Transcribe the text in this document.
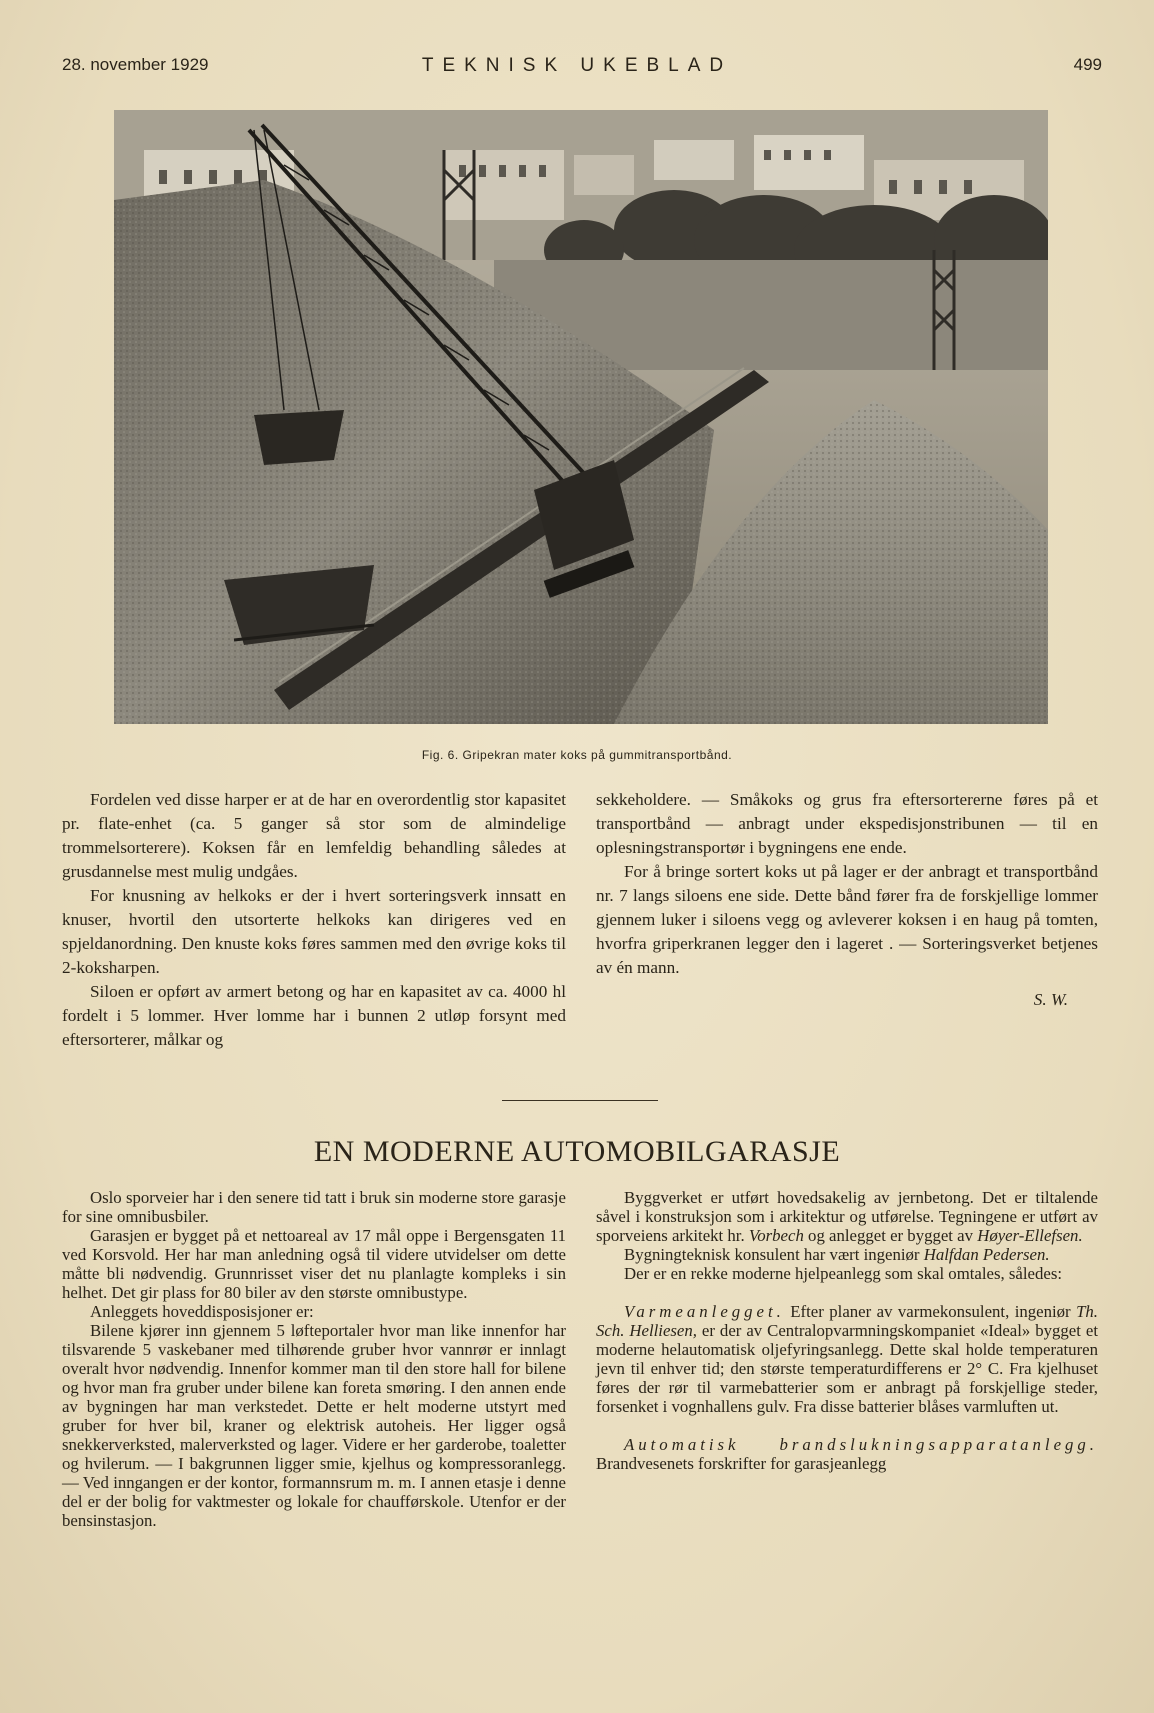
28. november 1929	TEKNISK UKEBLAD	499
Fig. 6. Gripekran mater koks på gummitransportbånd.

Fordelen ved disse harper er at de har en overordentlig stor kapasitet pr. flate-enhet (ca. 5 ganger så stor som de almindelige trommelsorterere). Koksen får en lemfeldig behandling således at grusdannelse mest mulig undgåes.

For knusning av helkoks er der i hvert sorteringsverk innsatt en knuser, hvortil den utsorterte helkoks kan dirigeres ved en spjeldanordning. Den knuste koks føres sammen med den øvrige koks til 2-koksharpen.

Siloen er opført av armert betong og har en kapasitet av ca. 4000 hl fordelt i 5 lommer. Hver lomme har i bunnen 2 utløp forsynt med eftersorterer, målkar og

sekkeholdere. — Småkoks og grus fra eftersortererne føres på et transportbånd — anbragt under ekspedisjonstribunen — til en oplesningstransportør i bygningens ene ende.

For å bringe sortert koks ut på lager er der anbragt et transportbånd nr. 7 langs siloens ene side. Dette bånd fører fra de forskjellige lommer gjennem luker i siloens vegg og avleverer koksen i en haug på tomten, hvorfra griperkranen legger den i lageret . — Sorteringsverket betjenes av én mann.

S. W.

EN MODERNE AUTOMOBILGARASJE

Oslo sporveier har i den senere tid tatt i bruk sin moderne store garasje for sine omnibusbiler.

Garasjen er bygget på et nettoareal av 17 mål oppe i Bergensgaten 11 ved Korsvold. Her har man anledning også til videre utvidelser om dette måtte bli nødvendig. Grunnrisset viser det nu planlagte kompleks i sin helhet. Det gir plass for 80 biler av den største omnibustype.

Anleggets hoveddisposisjoner er:

Bilene kjører inn gjennem 5 løfteportaler hvor man like innenfor har tilsvarende 5 vaskebaner med tilhørende gruber hvor vannrør er innlagt overalt hvor nødvendig. Innenfor kommer man til den store hall for bilene og hvor man fra gruber under bilene kan foreta smøring. I den annen ende av bygningen har man verkstedet. Dette er helt moderne utstyrt med gruber for hver bil, kraner og elektrisk autoheis. Her ligger også snekkerverksted, malerverksted og lager. Videre er her garderobe, toaletter og hvilerum. — I bakgrunnen ligger smie, kjelhus og kompressoranlegg. — Ved inngangen er der kontor, formannsrum m. m. I annen etasje i denne del er der bolig for vaktmester og lokale for chaufførskole. Utenfor er der bensinstasjon.

Byggverket er utført hovedsakelig av jernbetong. Det er tiltalende såvel i konstruksjon som i arkitektur og utførelse. Tegningene er utført av sporveiens arkitekt hr. Vorbech og anlegget er bygget av Høyer-Ellefsen.

Bygningteknisk konsulent har vært ingeniør Halfdan Pedersen.

Der er en rekke moderne hjelpeanlegg som skal omtales, således:

Varmeanlegget. Efter planer av varmekonsulent, ingeniør Th. Sch. Helliesen, er der av Centralopvarmningskompaniet «Ideal» bygget et moderne helautomatisk oljefyringsanlegg. Dette skal holde temperaturen jevn til enhver tid; den største temperaturdifferens er 2° C. Fra kjelhuset føres der rør til varmebatterier som er anbragt på forskjellige steder, forsenket i vognhallens gulv. Fra disse batterier blåses varmluften ut.

Automatisk brandslukningsapparatanlegg. Brandvesenets forskrifter for garasjeanlegg
